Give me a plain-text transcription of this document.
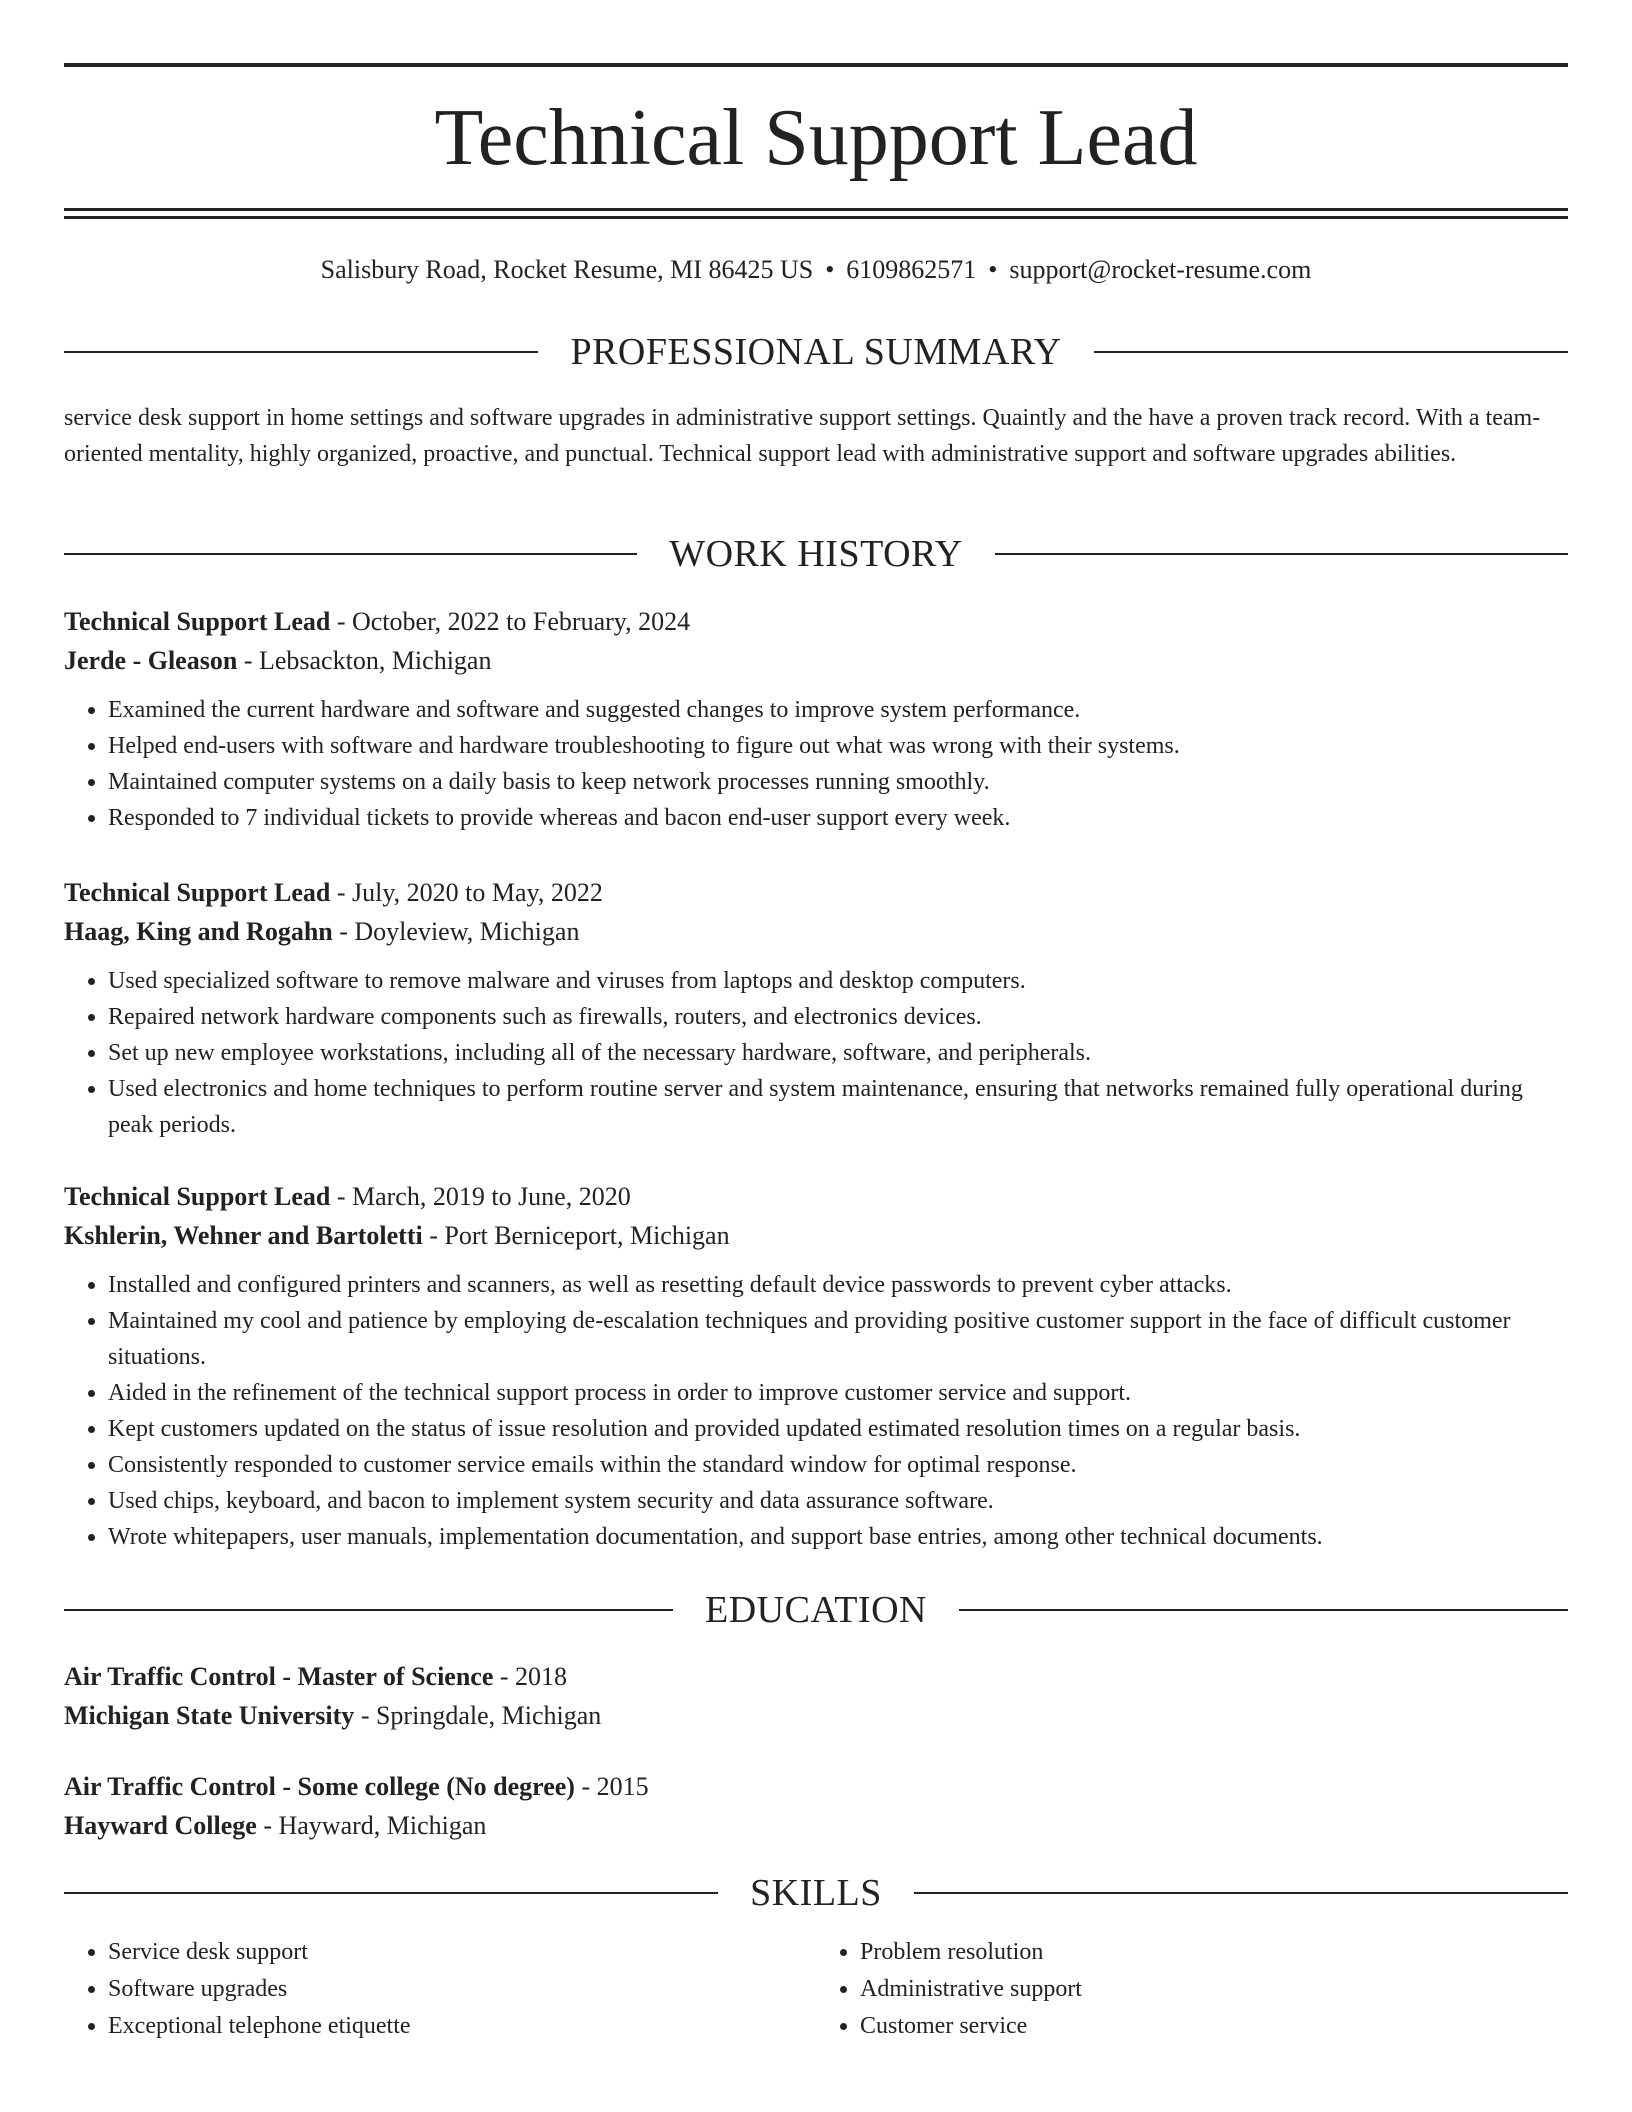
Technical Support Lead
Salisbury Road, Rocket Resume, MI 86425 US • 6109862571 • support@rocket-resume.com
PROFESSIONAL SUMMARY

service desk support in home settings and software upgrades in administrative support settings. Quaintly and the have a proven track record. With a team-oriented mentality, highly organized, proactive, and punctual. Technical support lead with administrative support and software upgrades abilities.

WORK HISTORY

Technical Support Lead - October, 2022 to February, 2024

Jerde - Gleason - Lebsackton, Michigan

• Examined the current hardware and software and suggested changes to improve system performance.
• Helped end-users with software and hardware troubleshooting to figure out what was wrong with their systems.
• Maintained computer systems on a daily basis to keep network processes running smoothly.
• Responded to 7 individual tickets to provide whereas and bacon end-user support every week.

Technical Support Lead - July, 2020 to May, 2022

Haag, King and Rogahn - Doyleview, Michigan

• Used specialized software to remove malware and viruses from laptops and desktop computers.
• Repaired network hardware components such as firewalls, routers, and electronics devices.
• Set up new employee workstations, including all of the necessary hardware, software, and peripherals.
• Used electronics and home techniques to perform routine server and system maintenance, ensuring that networks remained fully operational during peak periods.

Technical Support Lead - March, 2019 to June, 2020

Kshlerin, Wehner and Bartoletti - Port Berniceport, Michigan

• Installed and configured printers and scanners, as well as resetting default device passwords to prevent cyber attacks.
• Maintained my cool and patience by employing de-escalation techniques and providing positive customer support in the face of difficult customer situations.
• Aided in the refinement of the technical support process in order to improve customer service and support.
• Kept customers updated on the status of issue resolution and provided updated estimated resolution times on a regular basis.
• Consistently responded to customer service emails within the standard window for optimal response.
• Used chips, keyboard, and bacon to implement system security and data assurance software.
• Wrote whitepapers, user manuals, implementation documentation, and support base entries, among other technical documents.
EDUCATION

Air Traffic Control - Master of Science - 2018

Michigan State University - Springdale, Michigan

Air Traffic Control - Some college (No degree) - 2015

Hayward College - Hayward, Michigan

SKILLS
• Service desk support
• Software upgrades
• Exceptional telephone etiquette
• Problem resolution
• Administrative support
• Customer service
